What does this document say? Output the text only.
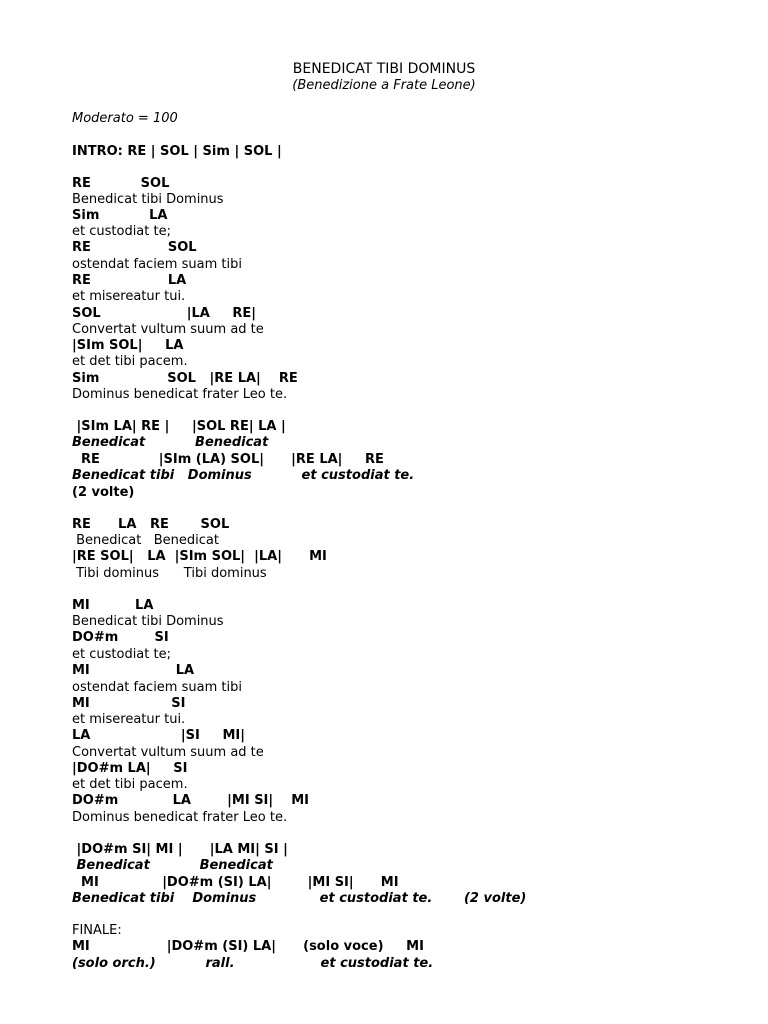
BENEDICAT TIBI DOMINUS
(Benedizione a Frate Leone)
Moderato = 100
INTRO: RE | SOL | Sim | SOL |
RE           SOL
Benedicat tibi Dominus
Sim           LA
et custodiat te;
RE                 SOL
ostendat faciem suam tibi
RE                 LA
et misereatur tui.
SOL                   |LA     RE|
Convertat vultum suum ad te
|SIm SOL|     LA
et det tibi pacem.
Sim               SOL   |RE LA|    RE
Dominus benedicat frater Leo te.
|SIm LA| RE |     |SOL RE| LA |
Benedicat           Benedicat
RE             |SIm (LA) SOL|      |RE LA|     RE
Benedicat tibi   Dominus           et custodiat te.
(2 volte)
RE      LA   RE       SOL
Benedicat   Benedicat
|RE SOL|   LA  |SIm SOL|  |LA|      MI
Tibi dominus      Tibi dominus
MI          LA
Benedicat tibi Dominus
DO#m        SI
et custodiat te;
MI                   LA
ostendat faciem suam tibi
MI                  SI
et misereatur tui.
LA                    |SI     MI|
Convertat vultum suum ad te
|DO#m LA|     SI
et det tibi pacem.
DO#m            LA        |MI SI|    MI
Dominus benedicat frater Leo te.
|DO#m SI| MI |      |LA MI| SI |
Benedicat           Benedicat
MI              |DO#m (SI) LA|        |MI SI|      MI
Benedicat tibi    Dominus              et custodiat te.       (2 volte)
FINALE:
MI                 |DO#m (SI) LA|      (solo voce)     MI
(solo orch.)           rall.                   et custodiat te.
